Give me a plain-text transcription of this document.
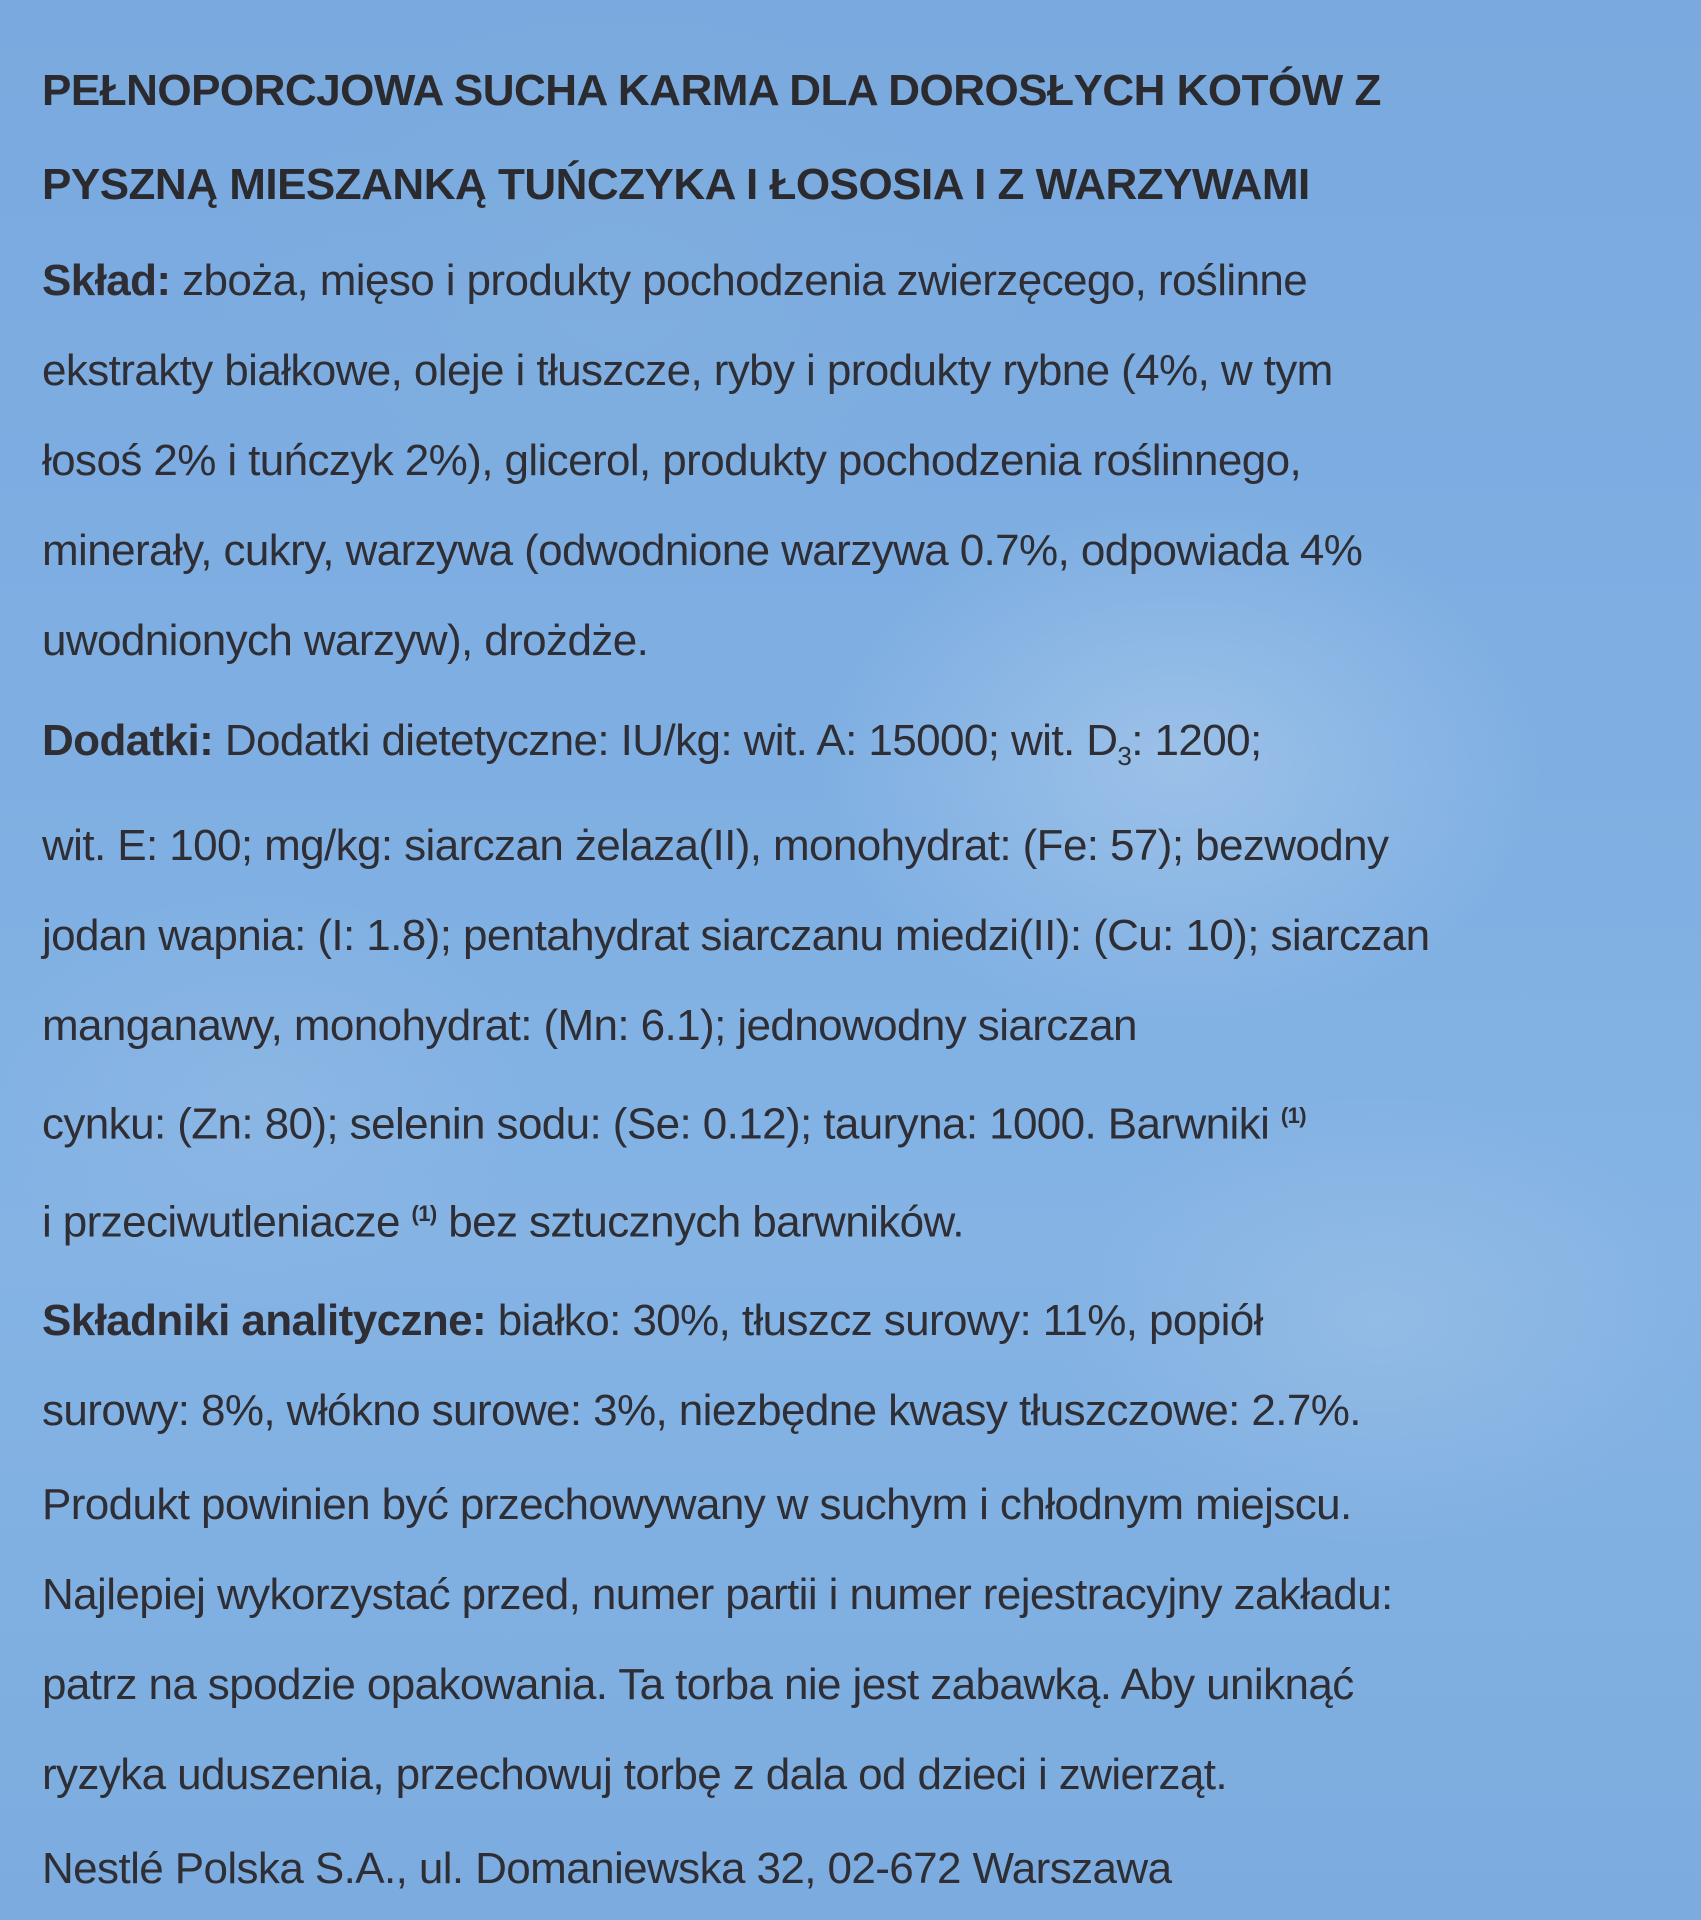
PEŁNOPORCJOWA SUCHA KARMA DLA DOROSŁYCH KOTÓW Z
PYSZNĄ MIESZANKĄ TUŃCZYKA I ŁOSOSIA I Z WARZYWAMI
Skład: zboża, mięso i produkty pochodzenia zwierzęcego, roślinne
ekstrakty białkowe, oleje i tłuszcze, ryby i produkty rybne (4%, w tym
łosoś 2% i tuńczyk 2%), glicerol, produkty pochodzenia roślinnego,
minerały, cukry, warzywa (odwodnione warzywa 0.7%, odpowiada 4%
uwodnionych warzyw), drożdże.
Dodatki: Dodatki dietetyczne: IU/kg: wit. A: 15000; wit. $D_3$: 1200;
wit. E: 100; mg/kg: siarczan żelaza(II), monohydrat: (Fe: 57); bezwodny
jodan wapnia: (I: 1.8); pentahydrat siarczanu miedzi(II): (Cu: 10); siarczan
manganawy, monohydrat: (Mn: 6.1); jednowodny siarczan
cynku: (Zn: 80); selenin sodu: (Se: 0.12); tauryna: 1000. Barwniki $^{(1)}$
i przeciwutleniacze $^{(1)}$ bez sztucznych barwników.
Składniki analityczne: białko: 30%, tłuszcz surowy: 11%, popiół
surowy: 8%, włókno surowe: 3%, niezbędne kwasy tłuszczowe: 2.7%.
Produkt powinien być przechowywany w suchym i chłodnym miejscu.
Najlepiej wykorzystać przed, numer partii i numer rejestracyjny zakładu:
patrz na spodzie opakowania. Ta torba nie jest zabawką. Aby uniknąć
ryzyka uduszenia, przechowuj torbę z dala od dzieci i zwierząt.
Nestlé Polska S.A., ul. Domaniewska 32, 02-672 Warszawa
